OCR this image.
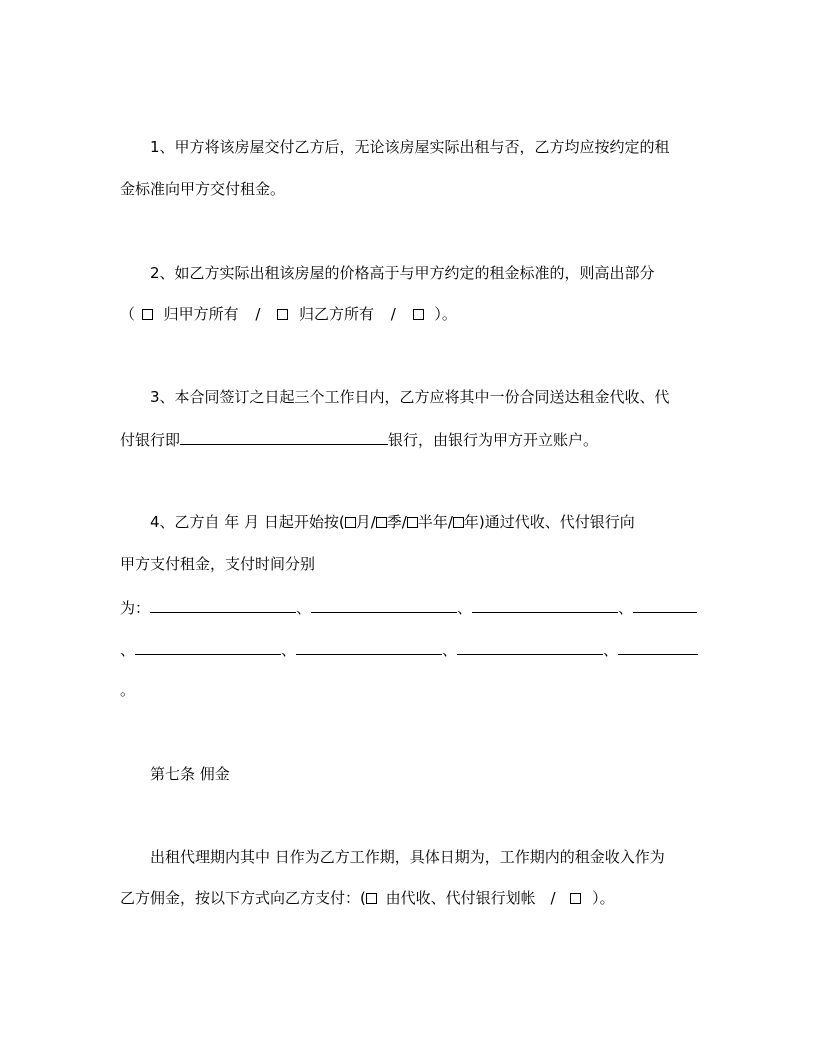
1、甲方将该房屋交付乙方后，无论该房屋实际出租与否，乙方均应按约定的租
金标准向甲方交付租金。
2、如乙方实际出租该房屋的价格高于与甲方约定的租金标准的，则高出部分
（ 归甲方所有 /	归乙方所有 /	）。
3、本合同签订之日起三个工作日内，乙方应将其中一份合同送达租金代收、代
付银行即	银行，由银行为甲方开立账户。
4、乙方自 年 月 日起开始按( 月/ 季/ 半年/ 年)通过代收、代付银行向
甲方支付租金，支付时间分别
为：	、	、	、
、	、	、	、
。
第七条 佣金
出租代理期内其中 日作为乙方工作期，具体日期为，工作期内的租金收入作为
乙方佣金，按以下方式向乙方支付：( 由代收、代付银行划帐 / ）。
